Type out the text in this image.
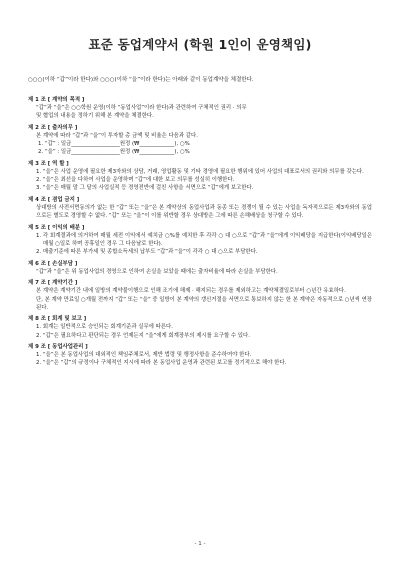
표준 동업계약서 (학원 1인이 운영책임)
○○○(이하 “갑”이라 한다)와 ○○○(이하 “을”이라 한다)는 아래와 같이 동업계약을 체결한다.
제 1 조 [ 계약의 목적 ]
“갑”과 “을”은 ○○학원 운영(이하 “동업사업”이라 한다)과 관련하여 구체적인 권리 · 의무
및 협업의 내용을 정하기 위해 본 계약을 체결한다.
제 2 조 [ 출자의무 ]
본 계약에 따라 “갑”과 “을”이 투자할 총 금액 및 비율은 다음과 같다.
1. “갑” : 일금__________________원정 (₩_____________), ○%
2. “을” : 일금__________________원정 (₩_____________), ○%
제 3 조 [ 역 할 ]
1. “을”은 사업 운영에 필요한 제3자와의 상담, 거래, 영업활동 및 기타 경영에 필요한 행위에 있어 사업의 대표로서의 권리와 의무를 갖는다.
2. “을”은 최선을 다하여 사업을 운영하며 “갑”에 대한 보고 의무를 성실히 이행한다.
3. “을”은 매월 말 그 달의 사업실적 등 경영전반에 걸친 사항을 서면으로 “갑”에게 보고한다.
제 4 조 [ 겸업 금지 ]
상대방의 사전서면동의가 없는 한 “갑” 또는 “을”은 본 계약상의 동업사업과 동종 또는 경쟁이 될 수 있는 사업을 독자적으로든 제3자와의 동업으로든 별도로 경영할 수 없다. “갑” 또는 “을”이 이를 위반할 경우 상대방은 그에 따른 손해배상을 청구할 수 있다.
제 5 조 [ 이익의 배분 ]
1. 각 회계결과에 의거하여 매월 세전 이익에서 예치금 ○%를 예치한 후 각각 ○ 대 ○으로 “갑”과 “을”에게 이익배당을 지급한다(이익배당일은 매월 ○일로 하며 공휴일인 경우 그 다음날로 한다).
2. 매출기준에 따른 부가세 및 종합소득세의 납부도 “갑”과 “을”이 각각 ○ 대 ○으로 부담한다.
제 6 조 [ 손실부담 ]
“갑”과 “을”은 위 동업사업의 경영으로 인하여 손실을 보았을 때에는 출자비율에 따라 손실을 부담한다.
제 7 조 [ 계약기간 ]
본 계약은 계약기간 내에 일방의 계약불이행으로 인해 조기에 해제 · 해지되는 경우를 제외하고는 계약체결일로부터 ○년간 유효하다.
단, 본 계약 만료일 ○개월 전까지 “갑” 또는 “을” 중 일방이 본 계약의 갱신거절을 서면으로 통보하지 않는 한 본 계약은 자동적으로 ○년씩 연장된다.
제 8 조 [ 회계 및 보고 ]
1. 회계는 일반적으로 승인되는 회계기준과 실무에 따른다.
2. “갑”은 필요하다고 판단되는 경우 언제든지 “을”에게 회계장부의 제시를 요구할 수 있다.
제 9 조 [ 동업사업관리 ]
1. “을”은 본 동업사업의 대외적인 책임주체로서, 제반 법령 및 행정사항을 준수하여야 한다.
2. “을”은 “갑”의 규정이나 구체적인 지시에 따라 본 동업사업 운영과 관련된 보고를 정기적으로 해야 한다.
- 1 -
